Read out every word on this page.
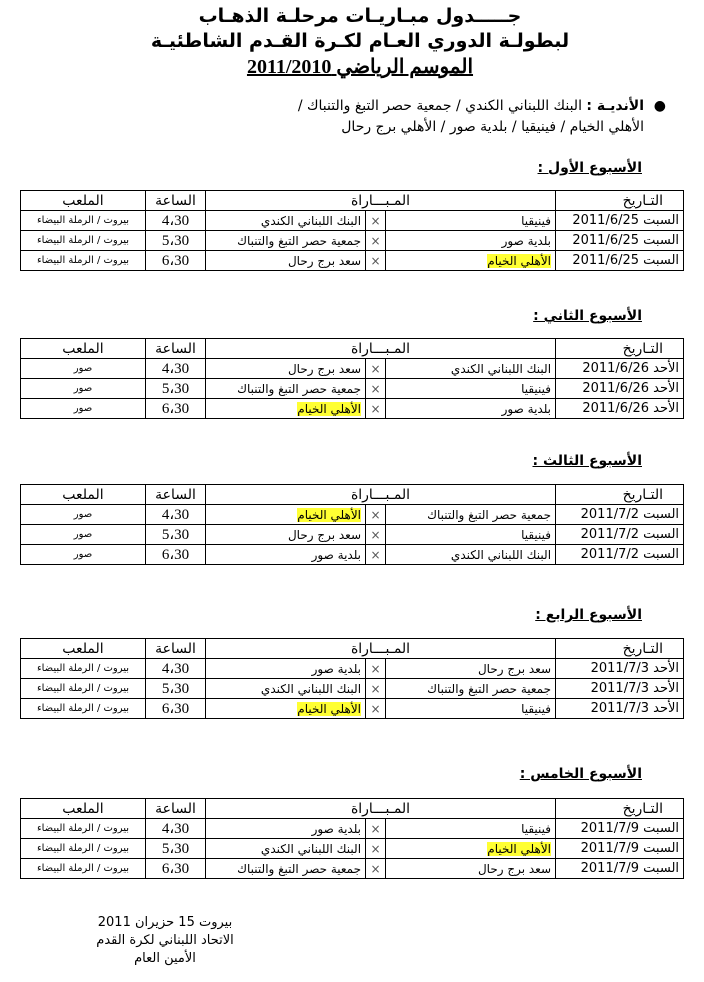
جـــــدول مبـاريـات مرحلـة الذهـاب
لبطولـة الدوري العـام لكـرة القـدم الشاطئيـة
الموسم الرياضي 2011/2010
●
الأنديـة : البنك اللبناني الكندي / جمعية حصر التبغ والتنباك /
الأهلي الخيام / فينيقيا / بلدية صور / الأهلي برج رحال
الأسبوع الأول :
التـاريخ	المـبـــاراة			الساعة	الملعب
السبت 2011/6/25	فينيقيا	×	البنك اللبناني الكندي	4،30	بيروت / الرملة البيضاء
السبت 2011/6/25	بلدية صور	×	جمعية حصر التبغ والتنباك	5،30	بيروت / الرملة البيضاء
السبت 2011/6/25	الأهلي الخيام	×	سعد برج رحال	6،30	بيروت / الرملة البيضاء
الأسبوع الثاني :
التـاريخ	المـبـــاراة			الساعة	الملعب
الأحد 2011/6/26	البنك اللبناني الكندي	×	سعد برج رحال	4،30	صور
الأحد 2011/6/26	فينيقيا	×	جمعية حصر التبغ والتنباك	5،30	صور
الأحد 2011/6/26	بلدية صور	×	الأهلي الخيام	6،30	صور
الأسبوع الثالث :
التـاريخ	المـبـــاراة			الساعة	الملعب
السبت 2011/7/2	جمعية حصر التبغ والتنباك	×	الأهلي الخيام	4،30	صور
السبت 2011/7/2	فينيقيا	×	سعد برج رحال	5،30	صور
السبت 2011/7/2	البنك اللبناني الكندي	×	بلدية صور	6،30	صور
الأسبوع الرابع :
التـاريخ	المـبـــاراة			الساعة	الملعب
الأحد 2011/7/3	سعد برج رحال	×	بلدية صور	4،30	بيروت / الرملة البيضاء
الأحد 2011/7/3	جمعية حصر التبغ والتنباك	×	البنك اللبناني الكندي	5،30	بيروت / الرملة البيضاء
الأحد 2011/7/3	فينيقيا	×	الأهلي الخيام	6،30	بيروت / الرملة البيضاء
الأسبوع الخامس :
التـاريخ	المـبـــاراة			الساعة	الملعب
السبت 2011/7/9	فينيقيا	×	بلدية صور	4،30	بيروت / الرملة البيضاء
السبت 2011/7/9	الأهلي الخيام	×	البنك اللبناني الكندي	5،30	بيروت / الرملة البيضاء
السبت 2011/7/9	سعد برج رحال	×	جمعية حصر التبغ والتنباك	6،30	بيروت / الرملة البيضاء
بيروت 15 حزيران 2011
الاتحاد اللبناني لكرة القدم
الأمين العام
